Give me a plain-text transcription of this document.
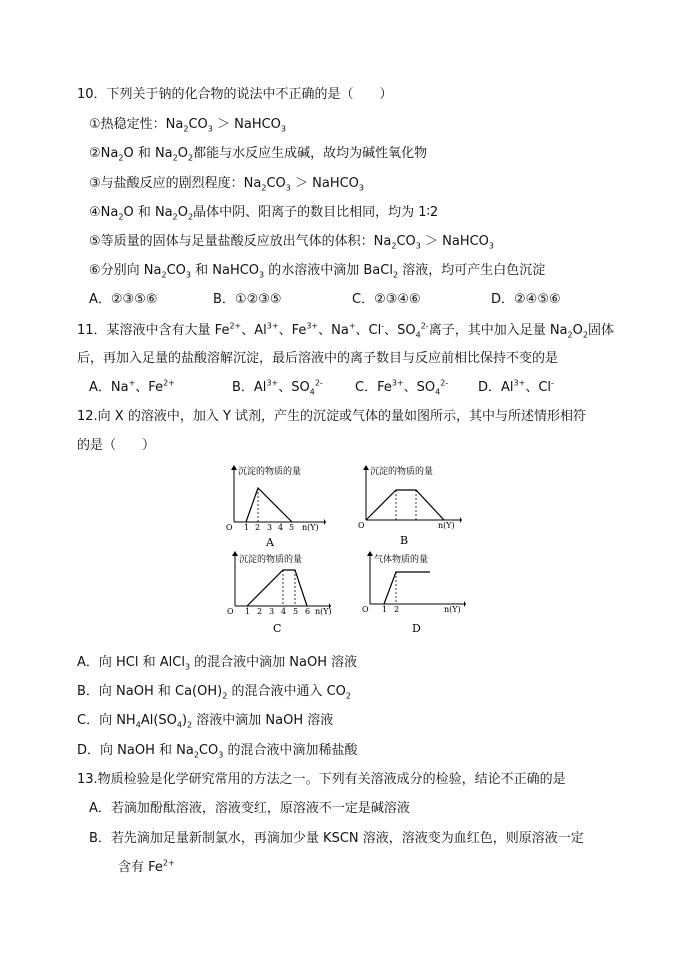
10．下列关于钠的化合物的说法中不正确的是（　　）
①热稳定性：$Na_2CO_3$ ＞ NaHCO$_3$
$②Na_2O$ 和 $Na_2O_2$都能与水反应生成碱，故均为碱性氧化物
③与盐酸反应的剧烈程度：$Na_2CO_3$ ＞ NaHCO$_3$
$④Na_2O$ 和 $Na_2O_2$晶体中阴、阳离子的数目比相同，均为 1∶2
⑤等质量的固体与足量盐酸反应放出气体的体积：$Na_2CO_3$ ＞ NaHCO$_3$
⑥分别向 $Na_2CO_3$ 和 NaHCO$_3$ 的水溶液中滴加 BaCl$_2$ 溶液，均可产生白色沉淀
A．②③⑤⑥	B．①②③⑤	C．②③④⑥	D．②④⑤⑥
11．某溶液中含有大量 $Fe^{2+}$、$Al^{3+}$、$Fe^{3+}$、Na+、Cl-、$SO_4^{2-}$离子，其中加入足量 $Na_2O_2$固体
后，再加入足量的盐酸溶解沉淀，最后溶液中的离子数目与反应前相比保持不变的是
A．Na+、$Fe^{2+}$	B．$Al^{3+}$、$SO_4^{2-}$ C．$Fe^{3+}$、$SO_4^{2-}$ D．$Al^{3+}$、Cl-
12.向 X 的溶液中，加入 Y 试剂，产生的沉淀或气体的量如图所示，其中与所述情形相符
的是（　　）
沉淀的物质的量
O 1 2 3 4 5 n(Y)
A
沉淀的物质的量
O	n(Y)
B
沉淀的物质的量
O 1 2 3 4 5 6 n(Y)
C
气体物质的量
O 1 2	n(Y)
D
A．向 HCl 和 AlCl$_3$ 的混合液中滴加 NaOH 溶液
B．向 NaOH 和 $Ca(OH)_2$ 的混合液中通入 $CO_2$
C．向 $NH_4Al(SO_4)_2$ 溶液中滴加 NaOH 溶液
D．向 NaOH 和 $Na_2CO_3$ 的混合液中滴加稀盐酸
13.物质检验是化学研究常用的方法之一。下列有关溶液成分的检验，结论不正确的是
A．若滴加酚酞溶液，溶液变红，原溶液不一定是碱溶液
B．若先滴加足量新制氯水，再滴加少量 KSCN 溶液，溶液变为血红色，则原溶液一定
含有 $Fe^{2+}$
